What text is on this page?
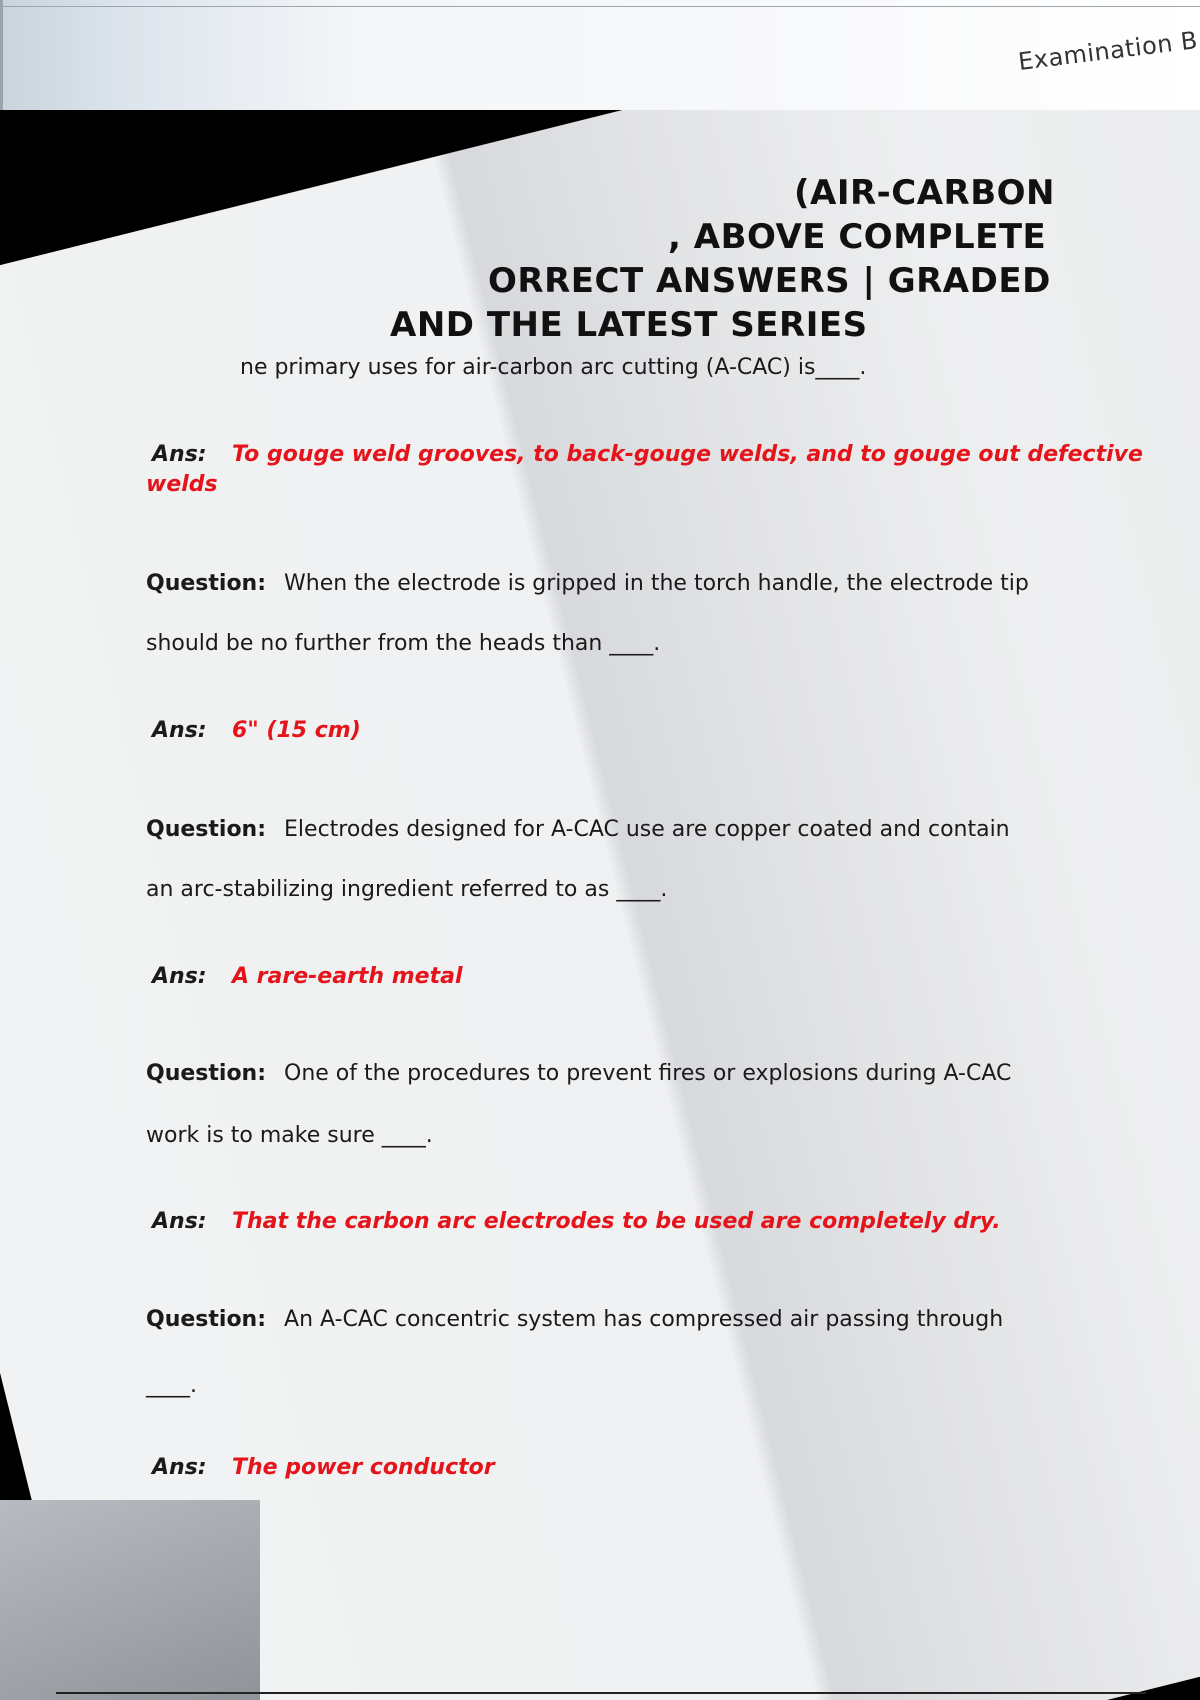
Examination B
(AIR-CARBON
, ABOVE COMPLETE
ORRECT ANSWERS | GRADED
AND THE LATEST SERIES
ne primary uses for air-carbon arc cutting (A-CAC) is____.
Ans: To gouge weld grooves, to back-gouge welds, and to gouge out defective
welds
Question: When the electrode is gripped in the torch handle, the electrode tip
should be no further from the heads than ____.
Ans: 6" (15 cm)
Question: Electrodes designed for A-CAC use are copper coated and contain
an arc-stabilizing ingredient referred to as ____.
Ans: A rare-earth metal
Question: One of the procedures to prevent fires or explosions during A-CAC
work is to make sure ____.
Ans: That the carbon arc electrodes to be used are completely dry.
Question: An A-CAC concentric system has compressed air passing through
____.
Ans: The power conductor
